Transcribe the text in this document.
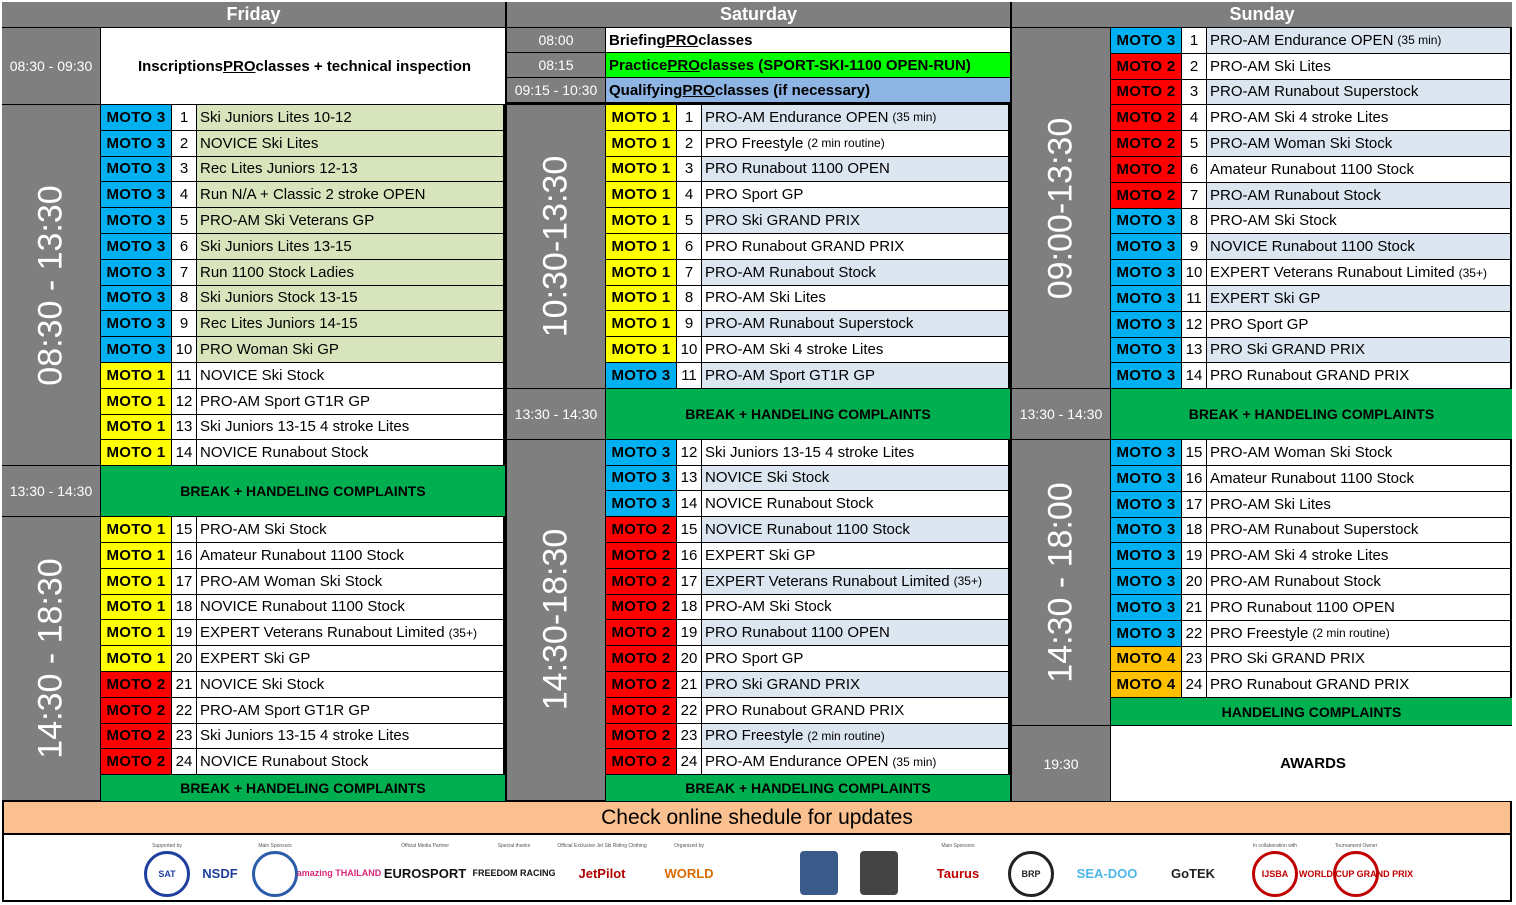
Friday
08:30 - 09:30	Inscriptions PRO classes + technical inspection
08:30 - 13:30
MOTO 3 1 Ski Juniors Lites 10-12
MOTO 3 2 NOVICE Ski Lites
MOTO 3 3 Rec Lites Juniors 12-13
MOTO 3 4 Run N/A + Classic 2 stroke OPEN
MOTO 3 5 PRO-AM Ski Veterans GP
MOTO 3 6 Ski Juniors Lites 13-15
MOTO 3 7 Run 1100 Stock Ladies
MOTO 3 8 Ski Juniors Stock 13-15
MOTO 3 9 Rec Lites Juniors 14-15
MOTO 3 10 PRO Woman Ski GP
MOTO 1 11 NOVICE Ski Stock
MOTO 1 12 PRO-AM Sport GT1R GP
MOTO 1 13 Ski Juniors 13-15 4 stroke Lites
MOTO 1 14 NOVICE Runabout Stock
13:30 - 14:30	BREAK + HANDELING COMPLAINTS
14:30 - 18:30
MOTO 1 15 PRO-AM Ski Stock
MOTO 1 16 Amateur Runabout 1100 Stock
MOTO 1 17 PRO-AM Woman Ski Stock
MOTO 1 18 NOVICE Runabout 1100 Stock
MOTO 1 19 EXPERT Veterans Runabout Limited (35+)
MOTO 1 20 EXPERT Ski GP
MOTO 2 21 NOVICE Ski Stock
MOTO 2 22 PRO-AM Sport GT1R GP
MOTO 2 23 Ski Juniors 13-15 4 stroke Lites
MOTO 2 24 NOVICE Runabout Stock
BREAK + HANDELING COMPLAINTS
Saturday
08:00	Briefing PRO classes
08:15	Practice PRO classes (SPORT-SKI-1100 OPEN-RUN)
09:15 - 10:30 Qualifying PRO classes (if necessary)
10:30-13:30
MOTO 1 1 PRO-AM Endurance OPEN (35 min)
MOTO 1 2 PRO Freestyle (2 min routine)
MOTO 1 3 PRO Runabout 1100 OPEN
MOTO 1 4 PRO Sport GP
MOTO 1 5 PRO Ski GRAND PRIX
MOTO 1 6 PRO Runabout GRAND PRIX
MOTO 1 7 PRO-AM Runabout Stock
MOTO 1 8 PRO-AM Ski Lites
MOTO 1 9 PRO-AM Runabout Superstock
MOTO 1 10 PRO-AM Ski 4 stroke Lites
MOTO 3 11 PRO-AM Sport GT1R GP
13:30 - 14:30	BREAK + HANDELING COMPLAINTS
14:30-18:30
MOTO 3 12 Ski Juniors 13-15 4 stroke Lites
MOTO 3 13 NOVICE Ski Stock
MOTO 3 14 NOVICE Runabout Stock
MOTO 2 15 NOVICE Runabout 1100 Stock
MOTO 2 16 EXPERT Ski GP
MOTO 2 17 EXPERT Veterans Runabout Limited (35+)
MOTO 2 18 PRO-AM Ski Stock
MOTO 2 19 PRO Runabout 1100 OPEN
MOTO 2 20 PRO Sport GP
MOTO 2 21 PRO Ski GRAND PRIX
MOTO 2 22 PRO Runabout GRAND PRIX
MOTO 2 23 PRO Freestyle (2 min routine)
MOTO 2 24 PRO-AM Endurance OPEN (35 min)
BREAK + HANDELING COMPLAINTS
Sunday
09:00-13:30
MOTO 3 1 PRO-AM Endurance OPEN (35 min)
MOTO 2 2 PRO-AM Ski Lites
MOTO 2 3 PRO-AM Runabout Superstock
MOTO 2 4 PRO-AM Ski 4 stroke Lites
MOTO 2 5 PRO-AM Woman Ski Stock
MOTO 2 6 Amateur Runabout 1100 Stock
MOTO 2 7 PRO-AM Runabout Stock
MOTO 3 8 PRO-AM Ski Stock
MOTO 3 9 NOVICE Runabout 1100 Stock
MOTO 3 10 EXPERT Veterans Runabout Limited (35+)
MOTO 3 11 EXPERT Ski GP
MOTO 3 12 PRO Sport GP
MOTO 3 13 PRO Ski GRAND PRIX
MOTO 3 14 PRO Runabout GRAND PRIX
13:30 - 14:30	BREAK + HANDELING COMPLAINTS
14:30 - 18:00
MOTO 3 15 PRO-AM Woman Ski Stock
MOTO 3 16 Amateur Runabout 1100 Stock
MOTO 3 17 PRO-AM Ski Lites
MOTO 3 18 PRO-AM Runabout Superstock
MOTO 3 19 PRO-AM Ski 4 stroke Lites
MOTO 3 20 PRO-AM Runabout Stock
MOTO 3 21 PRO Runabout 1100 OPEN
MOTO 3 22 PRO Freestyle (2 min routine)
MOTO 4 23 PRO Ski GRAND PRIX
MOTO 4 24 PRO Runabout GRAND PRIX
HANDELING COMPLAINTS
19:30	AWARDS
Check online shedule for updates
Supported by
SAT	NSDF
Main Sponsors
amazing THAILAND
Official Media Partner
EUROSPORT
Special thanks
FREEDOM RACING
Official Exclusive Jet Ski Riding Clothing
JetPilot
Organized by
WORLD
Main Sponsors
Taurus	BRP	SEA-DOO	GoTEK
In collaboration with
IJSBA
Tournament Owner
WORLD CUP GRAND PRIX
